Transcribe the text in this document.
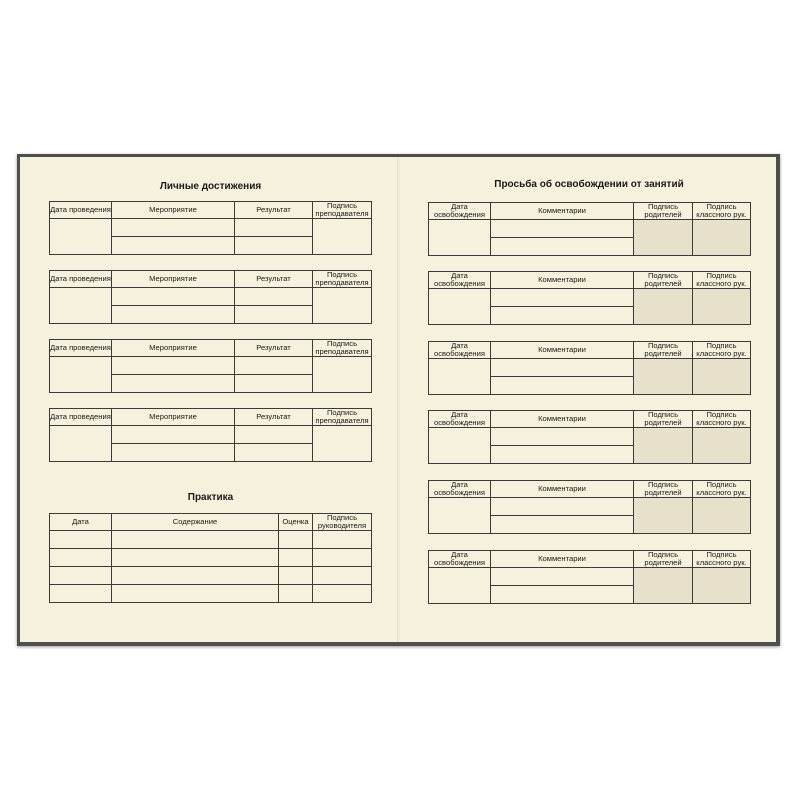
Личные достижения
Дата проведения	Мероприятие	Результат	Подпись преподавателя

Дата проведения	Мероприятие	Результат	Подпись преподавателя

Дата проведения	Мероприятие	Результат	Подпись преподавателя

Дата проведения	Мероприятие	Результат	Подпись преподавателя

Практика
Дата	Содержание	Оценка	Подпись руководителя

Просьба об освобождении от занятий
Дата освобождения	Комментарии	Подпись родителей	Подпись классного рук.

Дата освобождения	Комментарии	Подпись родителей	Подпись классного рук.

Дата освобождения	Комментарии	Подпись родителей	Подпись классного рук.

Дата освобождения	Комментарии	Подпись родителей	Подпись классного рук.

Дата освобождения	Комментарии	Подпись родителей	Подпись классного рук.

Дата освобождения	Комментарии	Подпись родителей	Подпись классного рук.
